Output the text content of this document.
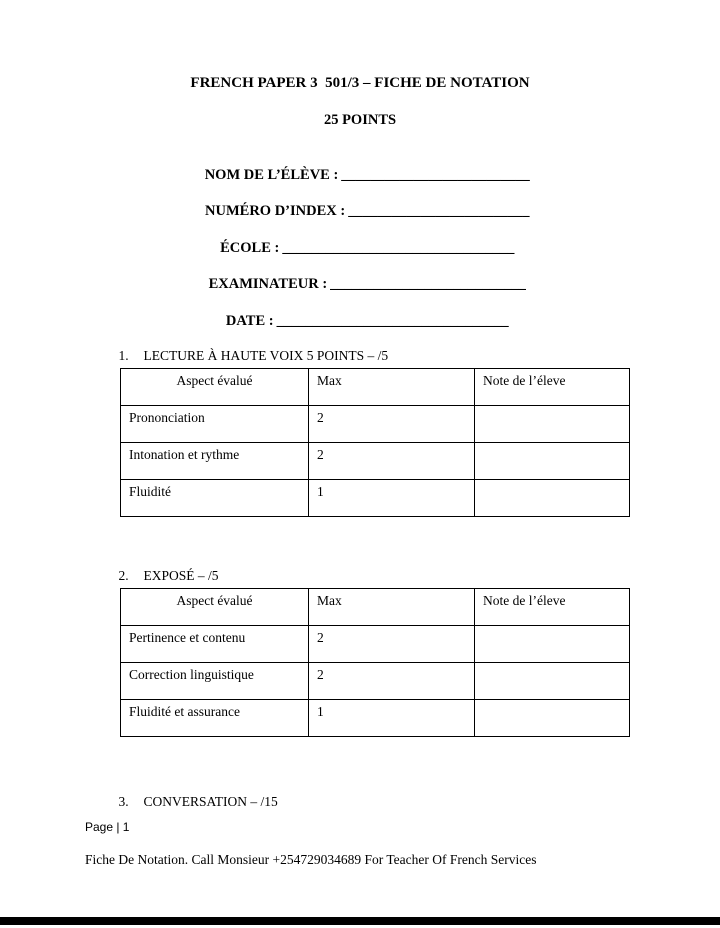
FRENCH PAPER 3  501/3 – FICHE DE NOTATION
25 POINTS

NOM DE L’ÉLÈVE : __________________________

NUMÉRO D’INDEX : _________________________

ÉCOLE : ________________________________

EXAMINATEUR : ___________________________

DATE : ________________________________

1. LECTURE À HAUTE VOIX 5 POINTS – /5

Aspect évalué	Max	Note de l’éleve
Prononciation	2	
Intonation et rythme	2	
Fluidité	1	

2. EXPOSÉ – /5

Aspect évalué	Max	Note de l’éleve
Pertinence et contenu	2	
Correction linguistique	2	
Fluidité et assurance	1	

3. CONVERSATION – /15

Page | 1
Fiche De Notation. Call Monsieur +254729034689 For Teacher Of French Services
